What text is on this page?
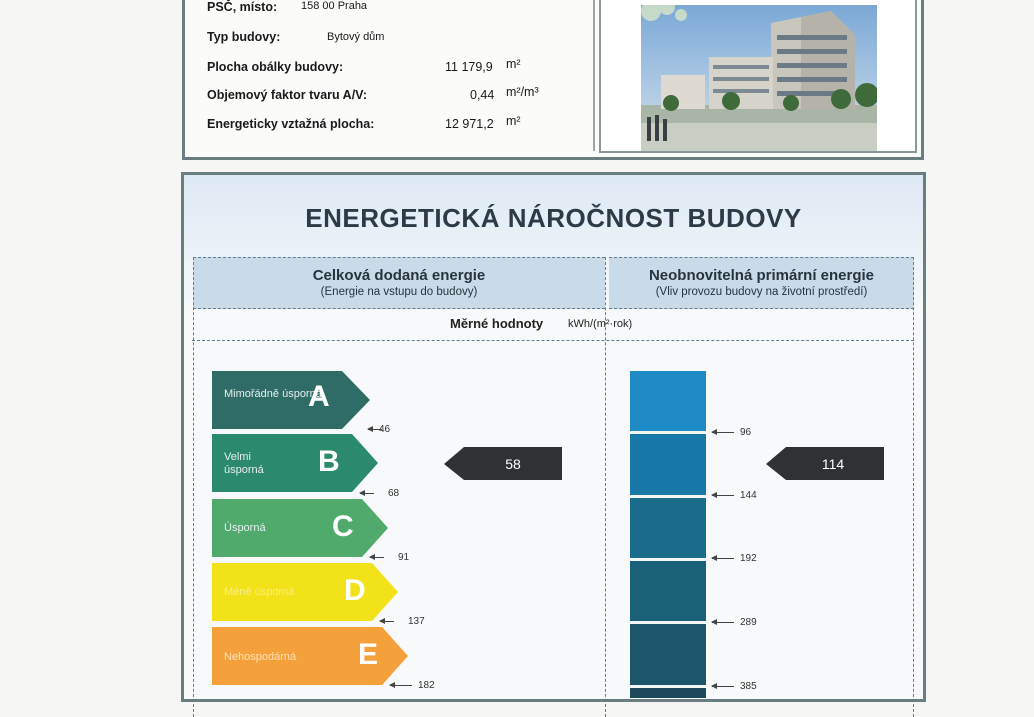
PSČ, místo: 158 00 Praha
Typ budovy:	Bytový dům
Plocha obálky budovy:	11 179,9 m²
Objemový faktor tvaru A/V:	0,44 m²/m³
Energeticky vztažná plocha:	12 971,2 m²
ENERGETICKÁ NÁROČNOST BUDOVY
Celková dodaná energie
(Energie na vstupu do budovy)
Neobnovitelná primární energie
(Vliv provozu budovy na životní prostředí)
Měrné hodnoty kWh/(m²·rok)
Mimořádně úsporná
A
Velmi úsporná	B
Úsporná C
Méně úsporná D
Nehospodárná E
46
68
91
137
182
58
96
144
192
289
385
114
